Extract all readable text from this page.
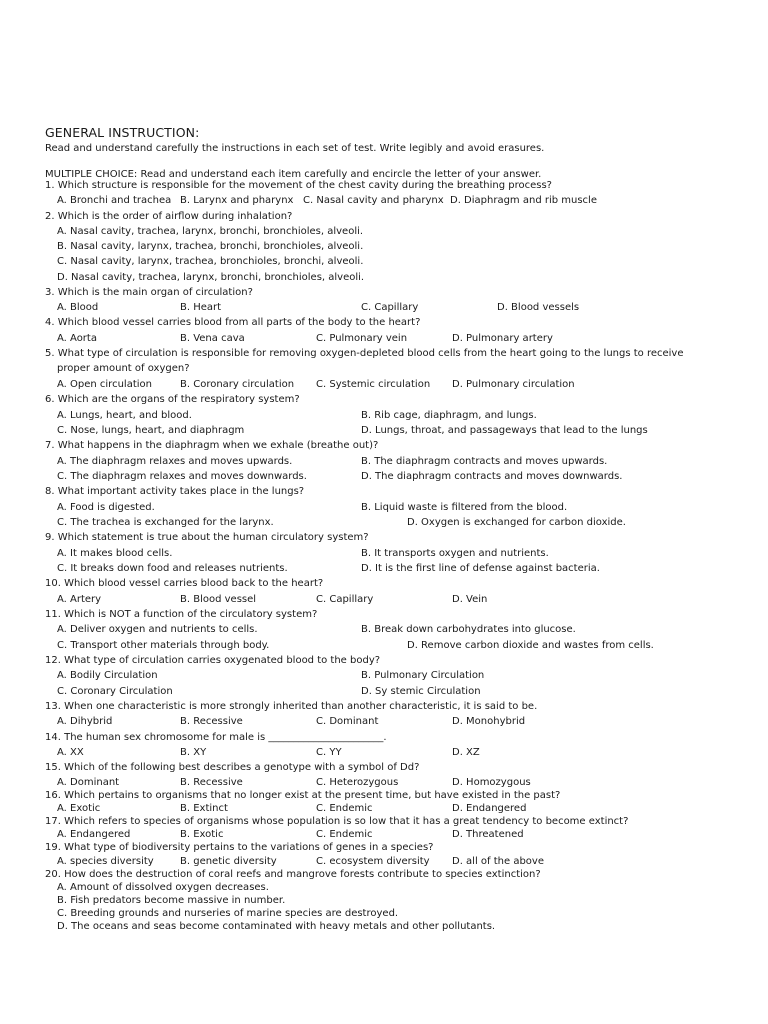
GENERAL INSTRUCTION:
Read and understand carefully the instructions in each set of test. Write legibly and avoid erasures.
MULTIPLE CHOICE: Read and understand each item carefully and encircle the letter of your answer.
1. Which structure is responsible for the movement of the chest cavity during the breathing process?
A. Bronchi and trachea B. Larynx and pharynx C. Nasal cavity and pharynx D. Diaphragm and rib muscle
2. Which is the order of airflow during inhalation?
A. Nasal cavity, trachea, larynx, bronchi, bronchioles, alveoli.
B. Nasal cavity, larynx, trachea, bronchi, bronchioles, alveoli.
C. Nasal cavity, larynx, trachea, bronchioles, bronchi, alveoli.
D. Nasal cavity, trachea, larynx, bronchi, bronchioles, alveoli.
3. Which is the main organ of circulation?
A. Blood	B. Heart	C. Capillary	D. Blood vessels
4. Which blood vessel carries blood from all parts of the body to the heart?
A. Aorta	B. Vena cava	C. Pulmonary vein	D. Pulmonary artery
5. What type of circulation is responsible for removing oxygen-depleted blood cells from the heart going to the lungs to receive
proper amount of oxygen?
A. Open circulation	B. Coronary circulation C. Systemic circulation D. Pulmonary circulation
6. Which are the organs of the respiratory system?
A. Lungs, heart, and blood.	B. Rib cage, diaphragm, and lungs.
C. Nose, lungs, heart, and diaphragm	D. Lungs, throat, and passageways that lead to the lungs
7. What happens in the diaphragm when we exhale (breathe out)?
A. The diaphragm relaxes and moves upwards.	B. The diaphragm contracts and moves upwards.
C. The diaphragm relaxes and moves downwards.	D. The diaphragm contracts and moves downwards.
8. What important activity takes place in the lungs?
A. Food is digested.	B. Liquid waste is filtered from the blood.
C. The trachea is exchanged for the larynx.	D. Oxygen is exchanged for carbon dioxide.
9. Which statement is true about the human circulatory system?
A. It makes blood cells.	B. It transports oxygen and nutrients.
C. It breaks down food and releases nutrients.	D. It is the first line of defense against bacteria.
10. Which blood vessel carries blood back to the heart?
A. Artery	B. Blood vessel	C. Capillary	D. Vein
11. Which is NOT a function of the circulatory system?
A. Deliver oxygen and nutrients to cells.	B. Break down carbohydrates into glucose.
C. Transport other materials through body.	D. Remove carbon dioxide and wastes from cells.
12. What type of circulation carries oxygenated blood to the body?
A. Bodily Circulation	B. Pulmonary Circulation
C. Coronary Circulation	D. Sy stemic Circulation
13. When one characteristic is more strongly inherited than another characteristic, it is said to be.
A. Dihybrid	B. Recessive	C. Dominant	D. Monohybrid
14. The human sex chromosome for male is _______________________.
A. XX	B. XY	C. YY	D. XZ
15. Which of the following best describes a genotype with a symbol of Dd?
A. Dominant	B. Recessive	C. Heterozygous	D. Homozygous
16. Which pertains to organisms that no longer exist at the present time, but have existed in the past?
A. Exotic	B. Extinct	C. Endemic	D. Endangered
17. Which refers to species of organisms whose population is so low that it has a great tendency to become extinct?
A. Endangered	B. Exotic	C. Endemic	D. Threatened
19. What type of biodiversity pertains to the variations of genes in a species?
A. species diversity	B. genetic diversity	C. ecosystem diversity D. all of the above
20. How does the destruction of coral reefs and mangrove forests contribute to species extinction?
A. Amount of dissolved oxygen decreases.
B. Fish predators become massive in number.
C. Breeding grounds and nurseries of marine species are destroyed.
D. The oceans and seas become contaminated with heavy metals and other pollutants.
